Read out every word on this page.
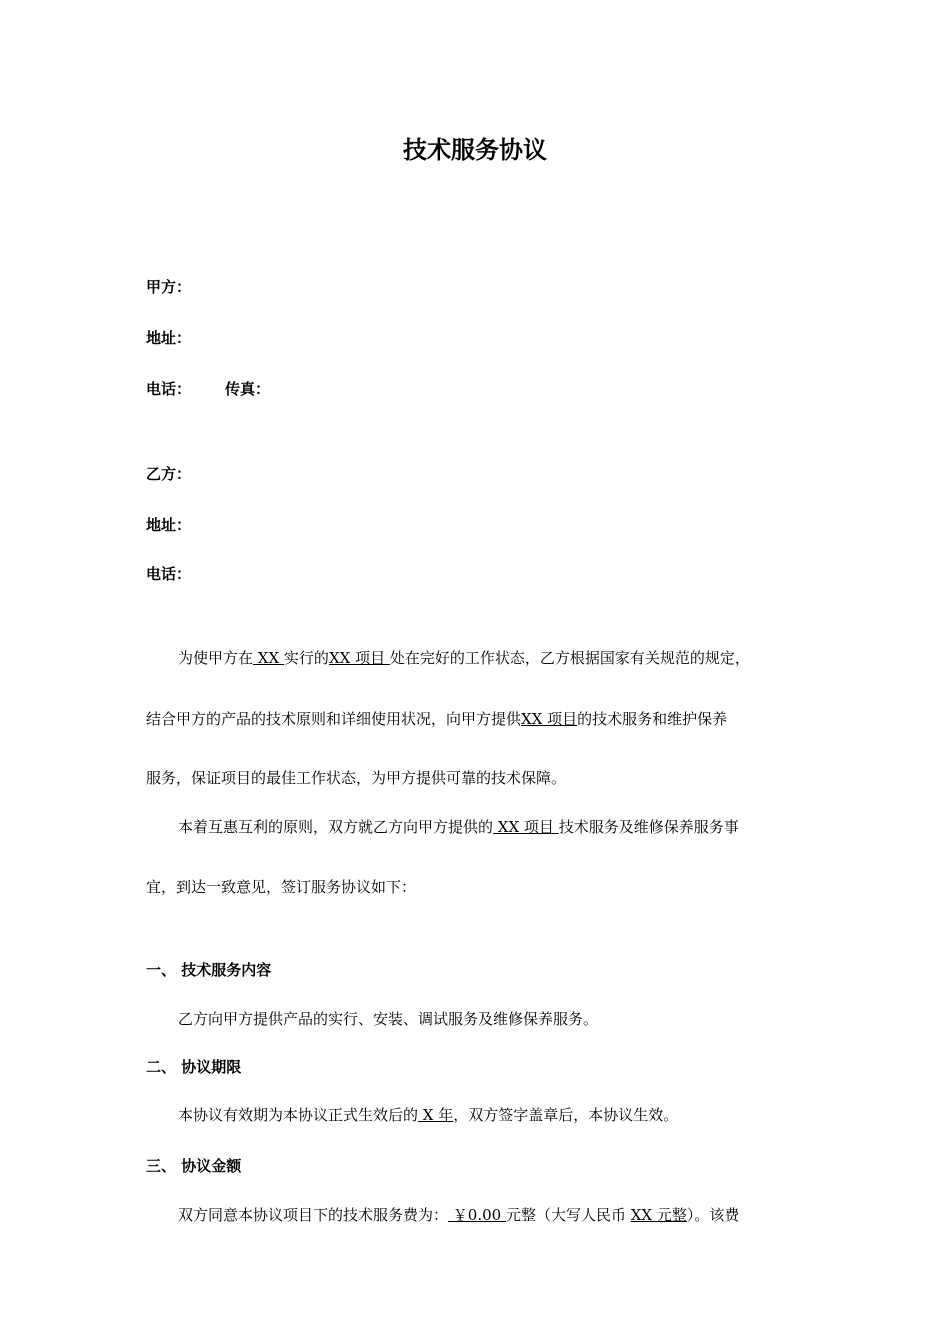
技术服务协议
甲方：
地址：
电话： 传真：
乙方：
地址：
电话：
为使甲方在 XX 实行的XX 项目 处在完好的工作状态，乙方根据国家有关规范的规定，
结合甲方的产品的技术原则和详细使用状况，向甲方提供XX 项目的技术服务和维护保养
服务，保证项目的最佳工作状态，为甲方提供可靠的技术保障。
本着互惠互利的原则，双方就乙方向甲方提供的 XX 项目 技术服务及维修保养服务事
宜，到达一致意见，签订服务协议如下：
一、 技术服务内容
乙方向甲方提供产品的实行、安装、调试服务及维修保养服务。
二、 协议期限
本协议有效期为本协议正式生效后的 X 年，双方签字盖章后，本协议生效。
三、 协议金额
双方同意本协议项目下的技术服务费为： ￥0.00 元整（大写人民币 XX 元整）。该费
